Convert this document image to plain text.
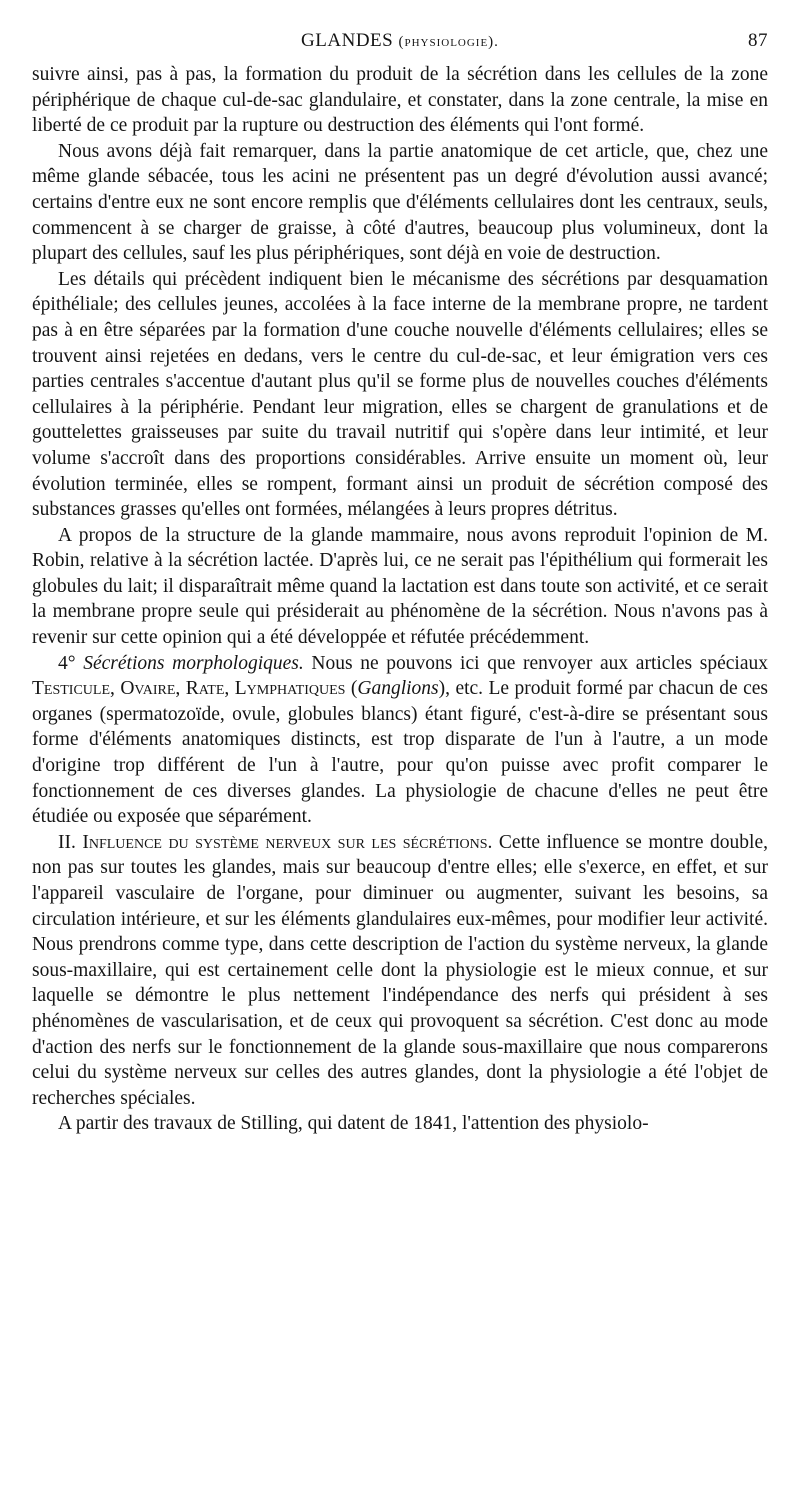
GLANDES (physiologie).	87

suivre ainsi, pas à pas, la formation du produit de la sécrétion dans les cellules de la zone périphérique de chaque cul-de-sac glandulaire, et constater, dans la zone centrale, la mise en liberté de ce produit par la rupture ou destruction des éléments qui l'ont formé.

Nous avons déjà fait remarquer, dans la partie anatomique de cet article, que, chez une même glande sébacée, tous les acini ne présentent pas un degré d'évolution aussi avancé; certains d'entre eux ne sont encore remplis que d'éléments cellulaires dont les centraux, seuls, commencent à se charger de graisse, à côté d'autres, beaucoup plus volumineux, dont la plupart des cellules, sauf les plus périphériques, sont déjà en voie de destruction.

Les détails qui précèdent indiquent bien le mécanisme des sécrétions par desquamation épithéliale; des cellules jeunes, accolées à la face interne de la membrane propre, ne tardent pas à en être séparées par la formation d'une couche nouvelle d'éléments cellulaires; elles se trouvent ainsi rejetées en dedans, vers le centre du cul-de-sac, et leur émigration vers ces parties centrales s'accentue d'autant plus qu'il se forme plus de nouvelles couches d'éléments cellulaires à la périphérie. Pendant leur migration, elles se chargent de granulations et de gouttelettes graisseuses par suite du travail nutritif qui s'opère dans leur intimité, et leur volume s'accroît dans des proportions considérables. Arrive ensuite un moment où, leur évolution terminée, elles se rompent, formant ainsi un produit de sécrétion composé des substances grasses qu'elles ont formées, mélangées à leurs propres détritus.

A propos de la structure de la glande mammaire, nous avons reproduit l'opinion de M. Robin, relative à la sécrétion lactée. D'après lui, ce ne serait pas l'épithélium qui formerait les globules du lait; il disparaîtrait même quand la lactation est dans toute son activité, et ce serait la membrane propre seule qui présiderait au phénomène de la sécrétion. Nous n'avons pas à revenir sur cette opinion qui a été développée et réfutée précédemment.

4° Sécrétions morphologiques. Nous ne pouvons ici que renvoyer aux articles spéciaux Testicule, Ovaire, Rate, Lymphatiques (Ganglions), etc. Le produit formé par chacun de ces organes (spermatozoïde, ovule, globules blancs) étant figuré, c'est-à-dire se présentant sous forme d'éléments anatomiques distincts, est trop disparate de l'un à l'autre, a un mode d'origine trop différent de l'un à l'autre, pour qu'on puisse avec profit comparer le fonctionnement de ces diverses glandes. La physiologie de chacune d'elles ne peut être étudiée ou exposée que séparément.

II. Influence du système nerveux sur les sécrétions. Cette influence se montre double, non pas sur toutes les glandes, mais sur beaucoup d'entre elles; elle s'exerce, en effet, et sur l'appareil vasculaire de l'organe, pour diminuer ou augmenter, suivant les besoins, sa circulation intérieure, et sur les éléments glandulaires eux-mêmes, pour modifier leur activité. Nous prendrons comme type, dans cette description de l'action du système nerveux, la glande sous-maxillaire, qui est certainement celle dont la physiologie est le mieux connue, et sur laquelle se démontre le plus nettement l'indépendance des nerfs qui président à ses phénomènes de vascularisation, et de ceux qui provoquent sa sécrétion. C'est donc au mode d'action des nerfs sur le fonctionnement de la glande sous-maxillaire que nous comparerons celui du système nerveux sur celles des autres glandes, dont la physiologie a été l'objet de recherches spéciales.

A partir des travaux de Stilling, qui datent de 1841, l'attention des physiolo-
